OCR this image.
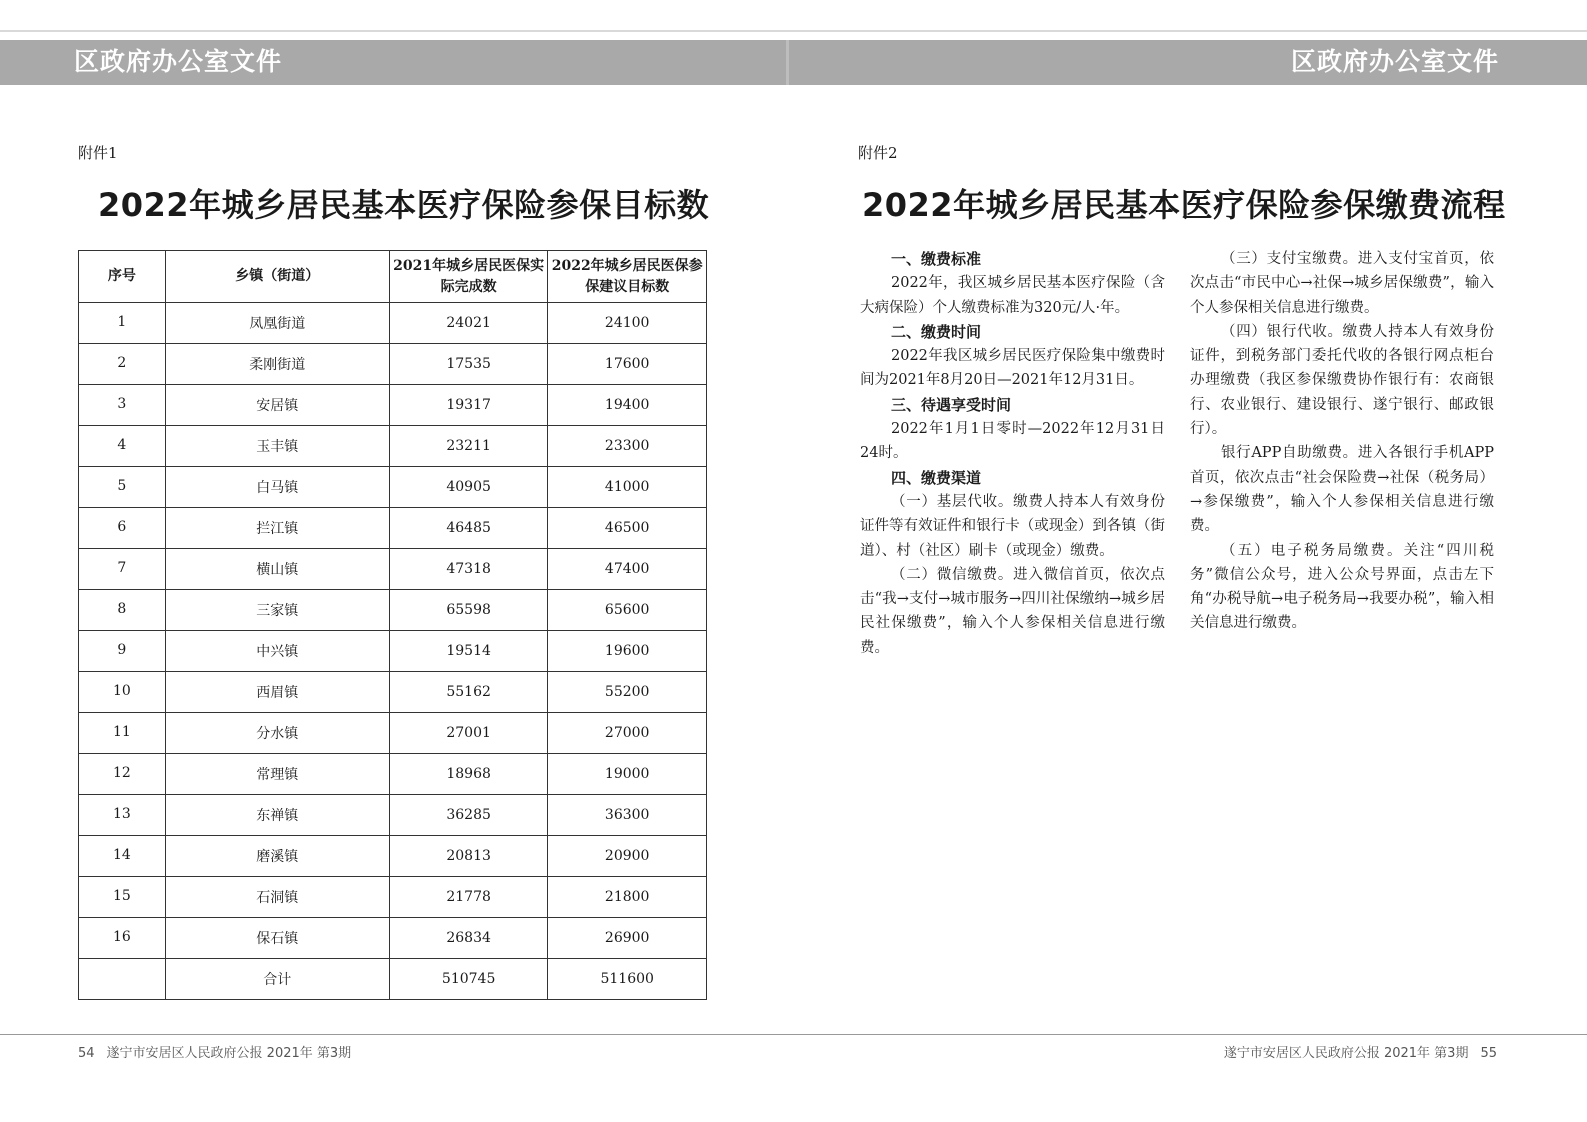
区政府办公室文件	区政府办公室文件
附件1
2022年城乡居民基本医疗保险参保目标数
序号	乡镇（街道）	2021年城乡居民医保实际完成数	2022年城乡居民医保参保建议目标数
1	凤凰街道	24021	24100
2	柔刚街道	17535	17600
3	安居镇	19317	19400
4	玉丰镇	23211	23300
5	白马镇	40905	41000
6	拦江镇	46485	46500
7	横山镇	47318	47400
8	三家镇	65598	65600
9	中兴镇	19514	19600
10	西眉镇	55162	55200
11	分水镇	27001	27000
12	常理镇	18968	19000
13	东禅镇	36285	36300
14	磨溪镇	20813	20900
15	石洞镇	21778	21800
16	保石镇	26834	26900
	合计	510745	511600
附件2
2022年城乡居民基本医疗保险参保缴费流程

一、缴费标准

2022年，我区城乡居民基本医疗保险（含大病保险）个人缴费标准为320元/人·年。

二、缴费时间

2022年我区城乡居民医疗保险集中缴费时间为2021年8月20日—2021年12月31日。

三、待遇享受时间

2022年1月1日零时—2022年12月31日24时。

四、缴费渠道

（一）基层代收。缴费人持本人有效身份证件等有效证件和银行卡（或现金）到各镇（街道）、村（社区）刷卡（或现金）缴费。

（二）微信缴费。进入微信首页，依次点击“我→支付→城市服务→四川社保缴纳→城乡居民社保缴费”，输入个人参保相关信息进行缴费。

（三）支付宝缴费。进入支付宝首页，依次点击“市民中心→社保→城乡居保缴费”，输入个人参保相关信息进行缴费。

（四）银行代收。缴费人持本人有效身份证件，到税务部门委托代收的各银行网点柜台办理缴费（我区参保缴费协作银行有：农商银行、农业银行、建设银行、遂宁银行、邮政银行）。

银行APP自助缴费。进入各银行手机APP首页，依次点击“社会保险费→社保（税务局）→参保缴费”，输入个人参保相关信息进行缴费。

（五）电子税务局缴费。关注“四川税务”微信公众号，进入公众号界面，点击左下角“办税导航→电子税务局→我要办税”，输入相关信息进行缴费。

54 遂宁市安居区人民政府公报 2021年 第3期	遂宁市安居区人民政府公报 2021年 第3期 55
